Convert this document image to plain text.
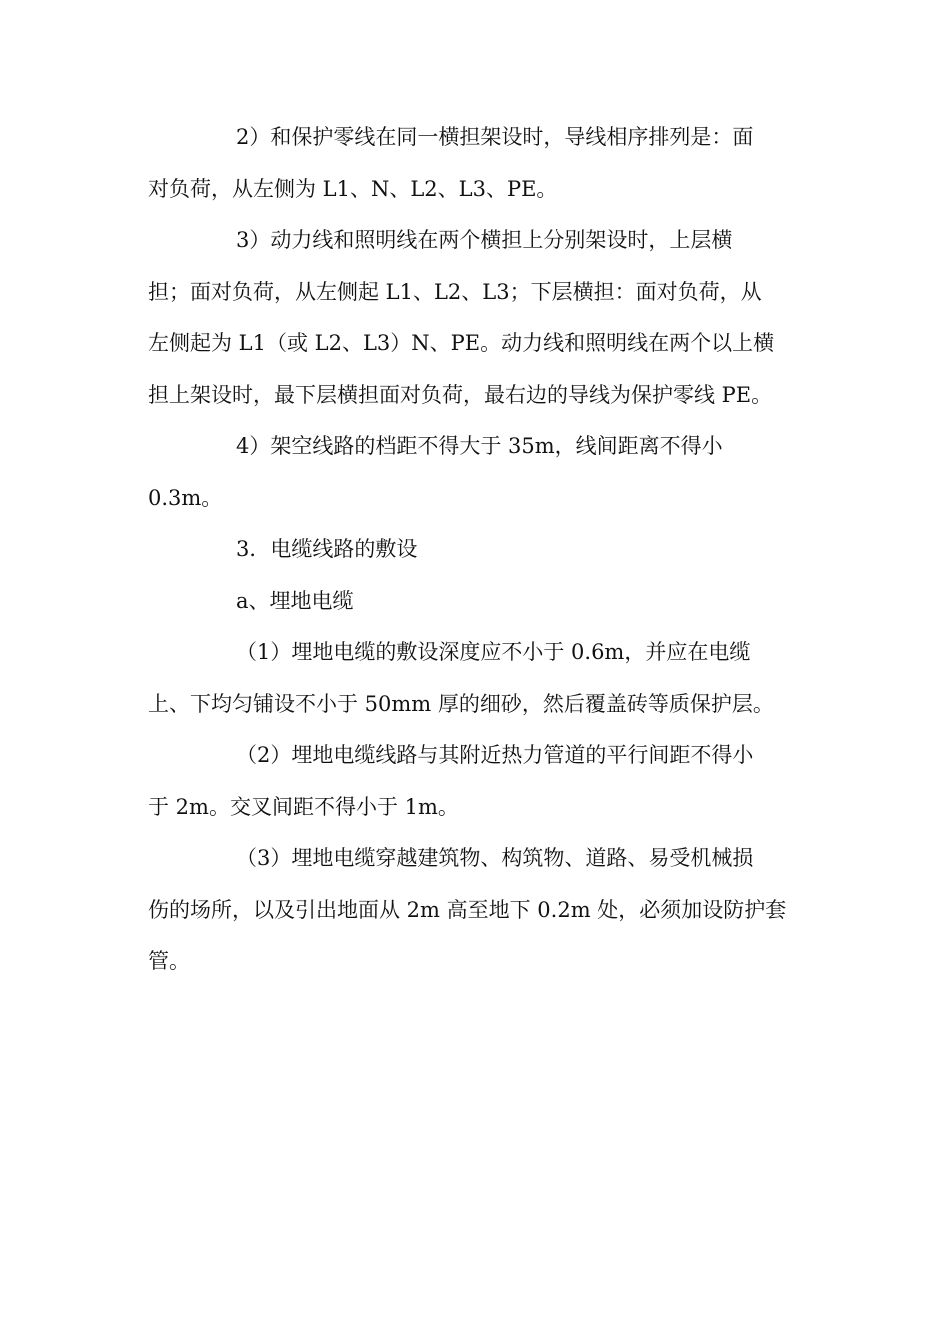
2）和保护零线在同一横担架设时，导线相序排列是：面
对负荷，从左侧为 L1、N、L2、L3、PE。
3）动力线和照明线在两个横担上分别架设时，上层横
担；面对负荷，从左侧起 L1、L2、L3；下层横担：面对负荷，从
左侧起为 L1（或 L2、L3）N、PE。动力线和照明线在两个以上横
担上架设时，最下层横担面对负荷，最右边的导线为保护零线 PE。
4）架空线路的档距不得大于 35m，线间距离不得小
0.3m。
3．电缆线路的敷设
a、埋地电缆
（1）埋地电缆的敷设深度应不小于 0.6m，并应在电缆
上、下均匀铺设不小于 50mm 厚的细砂，然后覆盖砖等质保护层。
（2）埋地电缆线路与其附近热力管道的平行间距不得小
于 2m。交叉间距不得小于 1m。
（3）埋地电缆穿越建筑物、构筑物、道路、易受机械损
伤的场所，以及引出地面从 2m 高至地下 0.2m 处，必须加设防护套
管。
